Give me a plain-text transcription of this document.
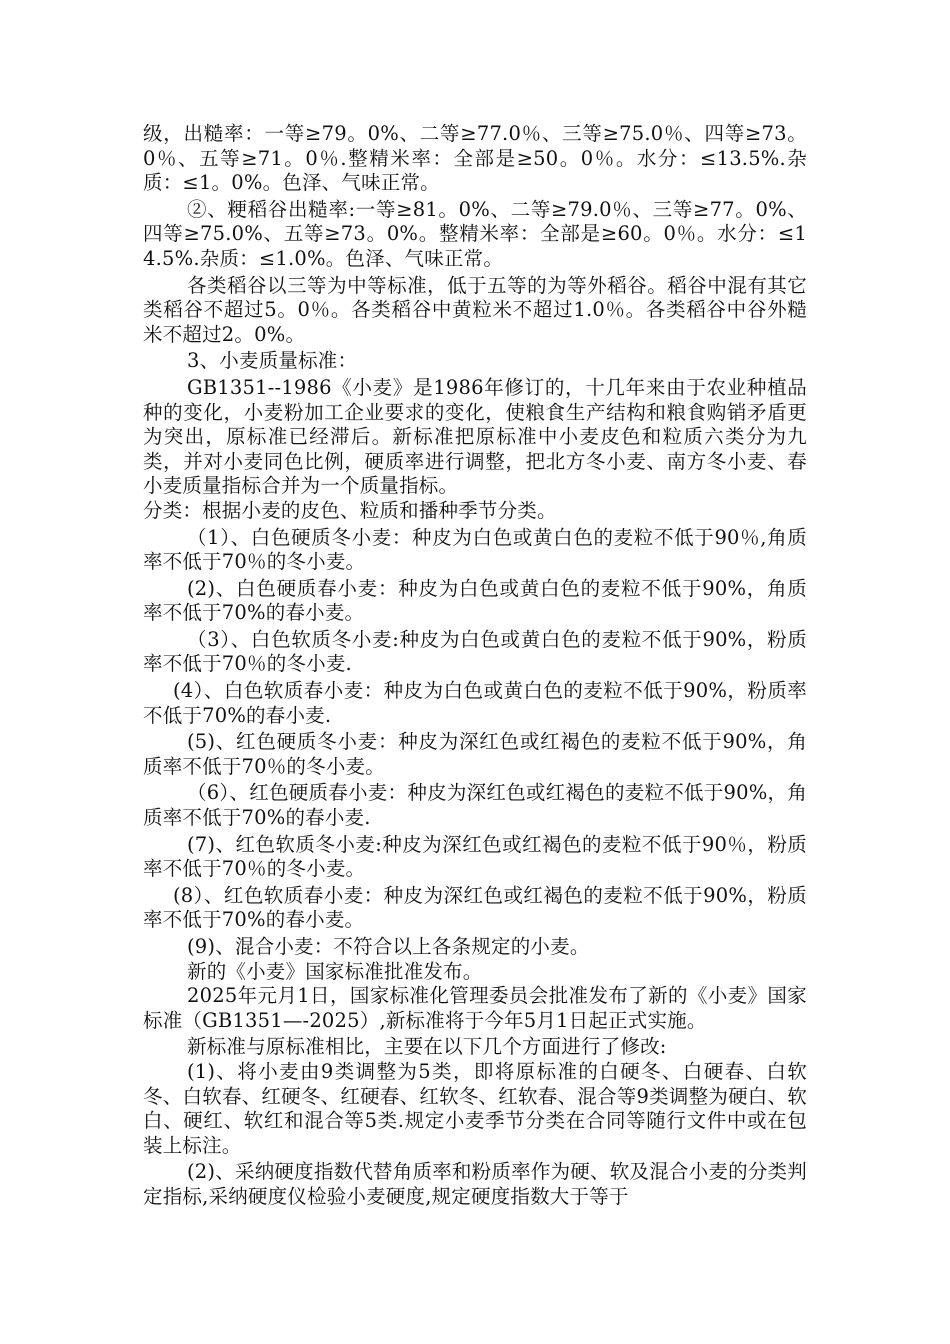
级，出糙率：一等≥79。0%、二等≥77.0％、三等≥75.0％、四等≥73。0％、五等≥71。0％.整精米率：全部是≥50。0％。水分：≤13.5%.杂质：≤1。0%。色泽、气味正常。

②、粳稻谷出糙率:一等≥81。0%、二等≥79.0％、三等≥77。0%、四等≥75.0%、五等≥73。0%。整精米率：全部是≥60。0％。水分：≤14.5%.杂质：≤1.0%。色泽、气味正常。

各类稻谷以三等为中等标准，低于五等的为等外稻谷。稻谷中混有其它类稻谷不超过5。0％。各类稻谷中黄粒米不超过1.0％。各类稻谷中谷外糙米不超过2。0%。

3、小麦质量标准：

GB1351--1986《小麦》是1986年修订的，十几年来由于农业种植品种的变化，小麦粉加工企业要求的变化，使粮食生产结构和粮食购销矛盾更为突出，原标准已经滞后。新标准把原标准中小麦皮色和粒质六类分为九类，并对小麦同色比例，硬质率进行调整，把北方冬小麦、南方冬小麦、春小麦质量指标合并为一个质量指标。

分类：根据小麦的皮色、粒质和播种季节分类。

（1）、白色硬质冬小麦：种皮为白色或黄白色的麦粒不低于90％,角质率不低于70％的冬小麦。

(2)、白色硬质春小麦：种皮为白色或黄白色的麦粒不低于90%，角质率不低于70%的春小麦。

（3）、白色软质冬小麦:种皮为白色或黄白色的麦粒不低于90%，粉质率不低于70％的冬小麦.

(4）、白色软质春小麦：种皮为白色或黄白色的麦粒不低于90%，粉质率不低于70%的春小麦.

(5)、红色硬质冬小麦：种皮为深红色或红褐色的麦粒不低于90%，角质率不低于70％的冬小麦。

（6）、红色硬质春小麦：种皮为深红色或红褐色的麦粒不低于90%，角质率不低于70%的春小麦.

(7)、红色软质冬小麦:种皮为深红色或红褐色的麦粒不低于90％，粉质率不低于70％的冬小麦。

(8）、红色软质春小麦：种皮为深红色或红褐色的麦粒不低于90%，粉质率不低于70%的春小麦。

(9)、混合小麦：不符合以上各条规定的小麦。

新的《小麦》国家标准批准发布。

2025年元月1日，国家标准化管理委员会批准发布了新的《小麦》国家标准（GB1351—-2025）,新标准将于今年5月1日起正式实施。

新标准与原标准相比，主要在以下几个方面进行了修改:

(1)、将小麦由9类调整为5类，即将原标准的白硬冬、白硬春、白软冬、白软春、红硬冬、红硬春、红软冬、红软春、混合等9类调整为硬白、软白、硬红、软红和混合等5类.规定小麦季节分类在合同等随行文件中或在包装上标注。

(2)、采纳硬度指数代替角质率和粉质率作为硬、软及混合小麦的分类判定指标,采纳硬度仪检验小麦硬度,规定硬度指数大于等于
